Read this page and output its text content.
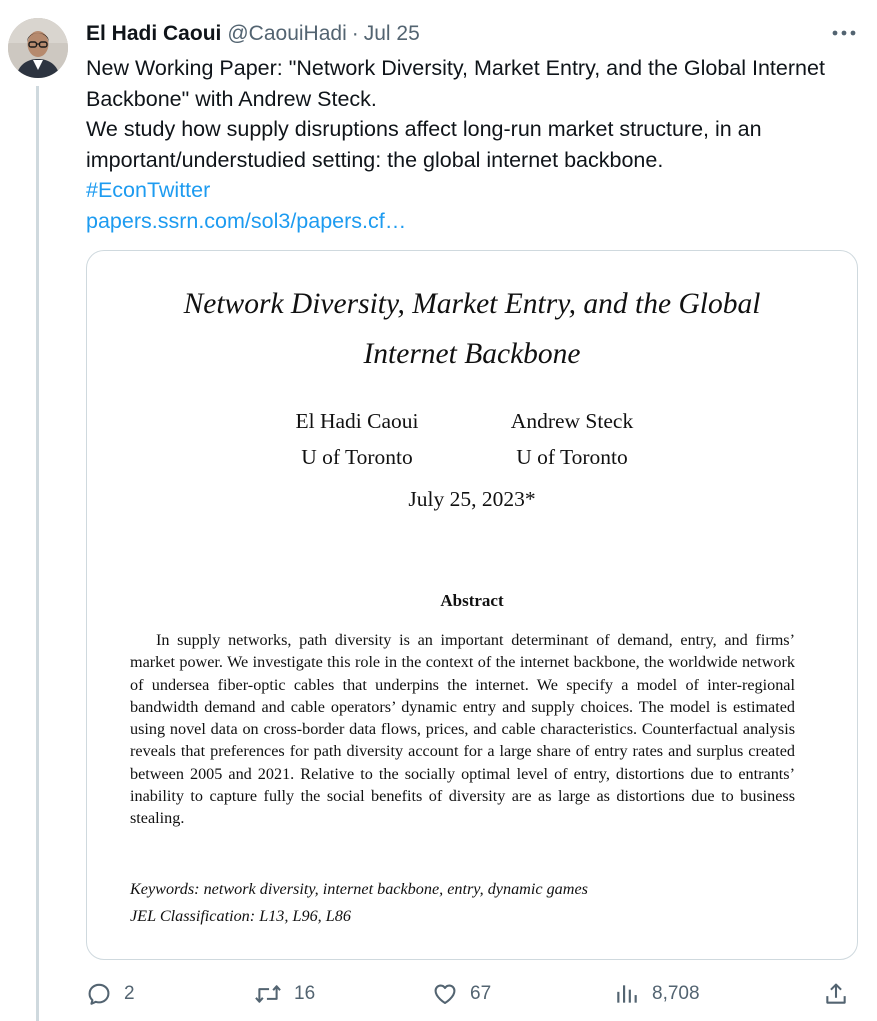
El Hadi Caoui @CaouiHadi · Jul 25

New Working Paper: "Network Diversity, Market Entry, and the Global Internet Backbone" with Andrew Steck.

We study how supply disruptions affect long-run market structure, in an important/understudied setting: the global internet backbone.

#EconTwitter

papers.ssrn.com/sol3/papers.cf…

Network Diversity, Market Entry, and the Global
Internet Backbone
El Hadi Caoui
U of Toronto
Andrew Steck
U of Toronto
July 25, 2023*
Abstract

In supply networks, path diversity is an important determinant of demand, entry, and firms’ market power. We investigate this role in the context of the internet backbone, the worldwide network of undersea fiber-optic cables that underpins the internet. We specify a model of inter-regional bandwidth demand and cable operators’ dynamic entry and supply choices. The model is estimated using novel data on cross-border data flows, prices, and cable characteristics. Counterfactual analysis reveals that preferences for path diversity account for a large share of entry rates and surplus created between 2005 and 2021. Relative to the socially optimal level of entry, distortions due to entrants’ inability to capture fully the social benefits of diversity are as large as distortions due to business stealing.

Keywords: network diversity, internet backbone, entry, dynamic games
JEL Classification: L13, L96, L86
2	16	67	8,708
